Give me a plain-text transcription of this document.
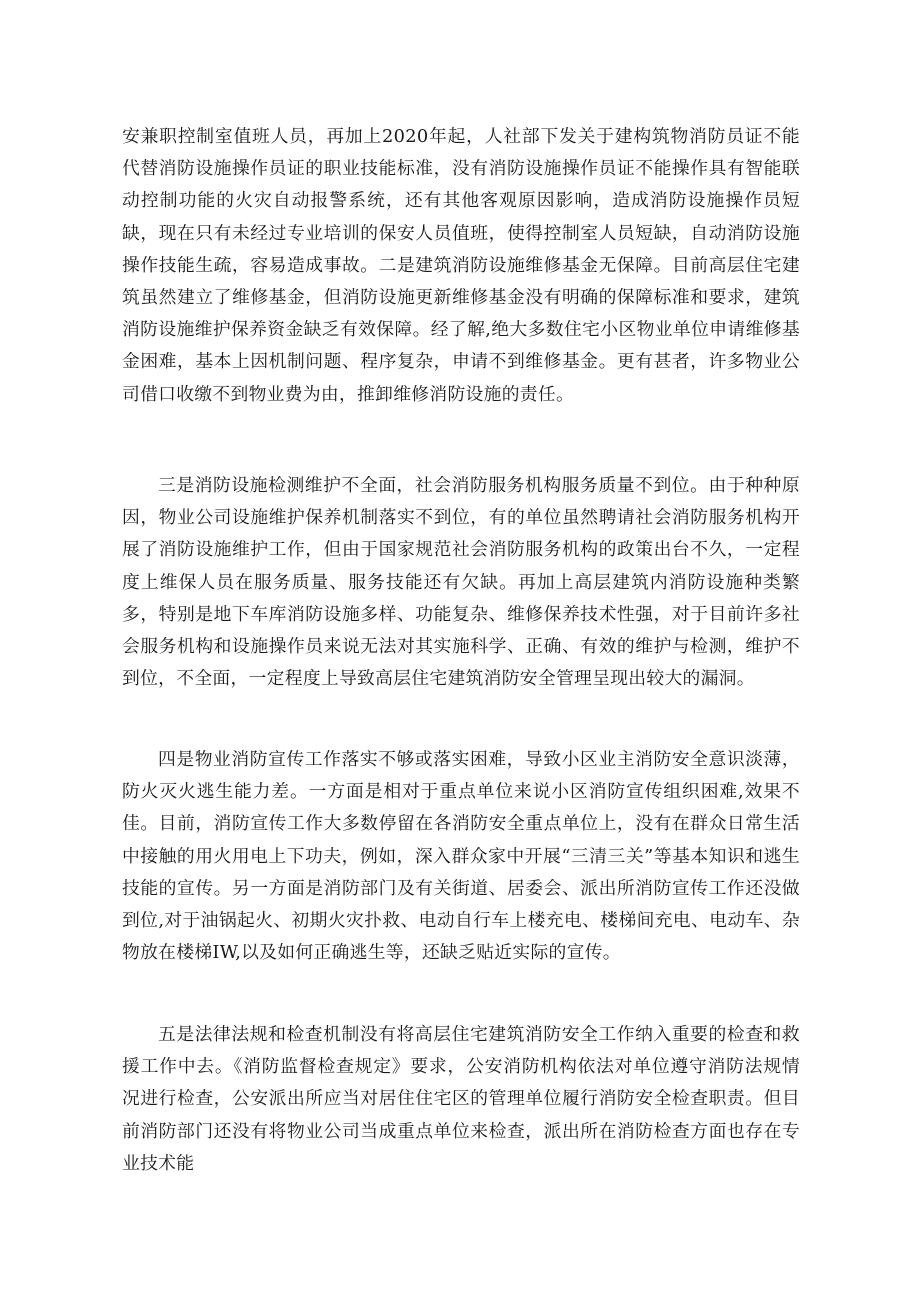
安兼职控制室值班人员，再加上2020年起，人社部下发关于建构筑物消防员证不能代替消防设施操作员证的职业技能标准，没有消防设施操作员证不能操作具有智能联动控制功能的火灾自动报警系统，还有其他客观原因影响，造成消防设施操作员短缺，现在只有未经过专业培训的保安人员值班，使得控制室人员短缺，自动消防设施操作技能生疏，容易造成事故。二是建筑消防设施维修基金无保障。目前高层住宅建筑虽然建立了维修基金，但消防设施更新维修基金没有明确的保障标准和要求，建筑消防设施维护保养资金缺乏有效保障。经了解,绝大多数住宅小区物业单位申请维修基金困难，基本上因机制问题、程序复杂，申请不到维修基金。更有甚者，许多物业公司借口收缴不到物业费为由，推卸维修消防设施的责任。

三是消防设施检测维护不全面，社会消防服务机构服务质量不到位。由于种种原因，物业公司设施维护保养机制落实不到位，有的单位虽然聘请社会消防服务机构开展了消防设施维护工作，但由于国家规范社会消防服务机构的政策出台不久，一定程度上维保人员在服务质量、服务技能还有欠缺。再加上高层建筑内消防设施种类繁多，特别是地下车库消防设施多样、功能复杂、维修保养技术性强，对于目前许多社会服务机构和设施操作员来说无法对其实施科学、正确、有效的维护与检测，维护不到位，不全面，一定程度上导致高层住宅建筑消防安全管理呈现出较大的漏洞。

四是物业消防宣传工作落实不够或落实困难，导致小区业主消防安全意识淡薄，防火灭火逃生能力差。一方面是相对于重点单位来说小区消防宣传组织困难,效果不佳。目前，消防宣传工作大多数停留在各消防安全重点单位上，没有在群众日常生活中接触的用火用电上下功夫，例如，深入群众家中开展“三清三关”等基本知识和逃生技能的宣传。另一方面是消防部门及有关街道、居委会、派出所消防宣传工作还没做到位,对于油锅起火、初期火灾扑救、电动自行车上楼充电、楼梯间充电、电动车、杂物放在楼梯IW,以及如何正确逃生等，还缺乏贴近实际的宣传。

五是法律法规和检查机制没有将高层住宅建筑消防安全工作纳入重要的检查和救援工作中去。《消防监督检查规定》要求，公安消防机构依法对单位遵守消防法规情况进行检查，公安派出所应当对居住住宅区的管理单位履行消防安全检查职责。但目前消防部门还没有将物业公司当成重点单位来检查，派出所在消防检查方面也存在专业技术能
